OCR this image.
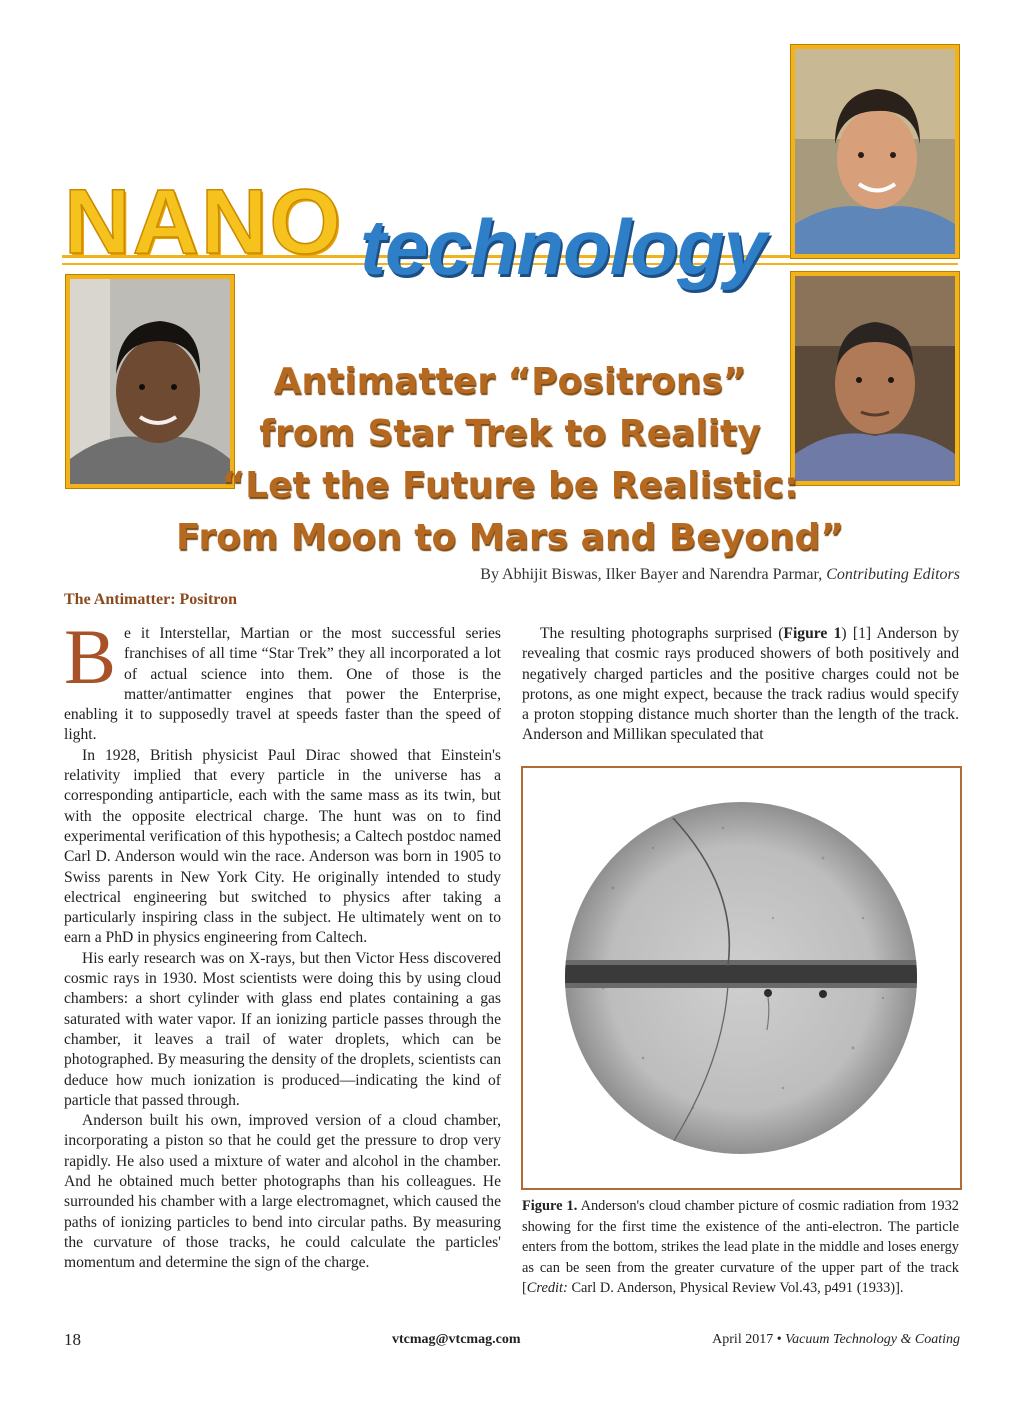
NANO technology
Antimatter “Positrons”
from Star Trek to Reality
“Let the Future be Realistic:
From Moon to Mars and Beyond”
By Abhijit Biswas, Ilker Bayer and Narendra Parmar, Contributing Editors
The Antimatter: Positron

Be it Interstellar, Martian or the most successful series franchises of all time “Star Trek” they all incorporated a lot of actual science into them. One of those is the matter/antimatter engines that power the Enterprise, enabling it to supposedly travel at speeds faster than the speed of light.

In 1928, British physicist Paul Dirac showed that Einstein's relativity implied that every particle in the universe has a corresponding antiparticle, each with the same mass as its twin, but with the opposite electrical charge. The hunt was on to find experimental verification of this hypothesis; a Caltech postdoc named Carl D. Anderson would win the race. Anderson was born in 1905 to Swiss parents in New York City. He originally intended to study electrical engineering but switched to physics after taking a particularly inspiring class in the subject. He ultimately went on to earn a PhD in physics engineering from Caltech.

His early research was on X-rays, but then Victor Hess discovered cosmic rays in 1930. Most scientists were doing this by using cloud chambers: a short cylinder with glass end plates containing a gas saturated with water vapor. If an ionizing particle passes through the chamber, it leaves a trail of water droplets, which can be photographed. By measuring the density of the droplets, scientists can deduce how much ionization is produced—indicating the kind of particle that passed through.

Anderson built his own, improved version of a cloud chamber, incorporating a piston so that he could get the pressure to drop very rapidly. He also used a mixture of water and alcohol in the chamber. And he obtained much better photographs than his colleagues. He surrounded his chamber with a large electromagnet, which caused the paths of ionizing particles to bend into circular paths. By measuring the curvature of those tracks, he could calculate the particles' momentum and determine the sign of the charge.

The resulting photographs surprised (Figure 1) [1] Anderson by revealing that cosmic rays produced showers of both positively and negatively charged particles and the positive charges could not be protons, as one might expect, because the track radius would specify a proton stopping distance much shorter than the length of the track. Anderson and Millikan speculated that

Figure 1. Anderson's cloud chamber picture of cosmic radiation from 1932 showing for the first time the existence of the anti-electron. The particle enters from the bottom, strikes the lead plate in the middle and loses energy as can be seen from the greater curvature of the upper part of the track [Credit: Carl D. Anderson, Physical Review Vol.43, p491 (1933)].
18	vtcmag@vtcmag.com	April 2017 • Vacuum Technology & Coating
